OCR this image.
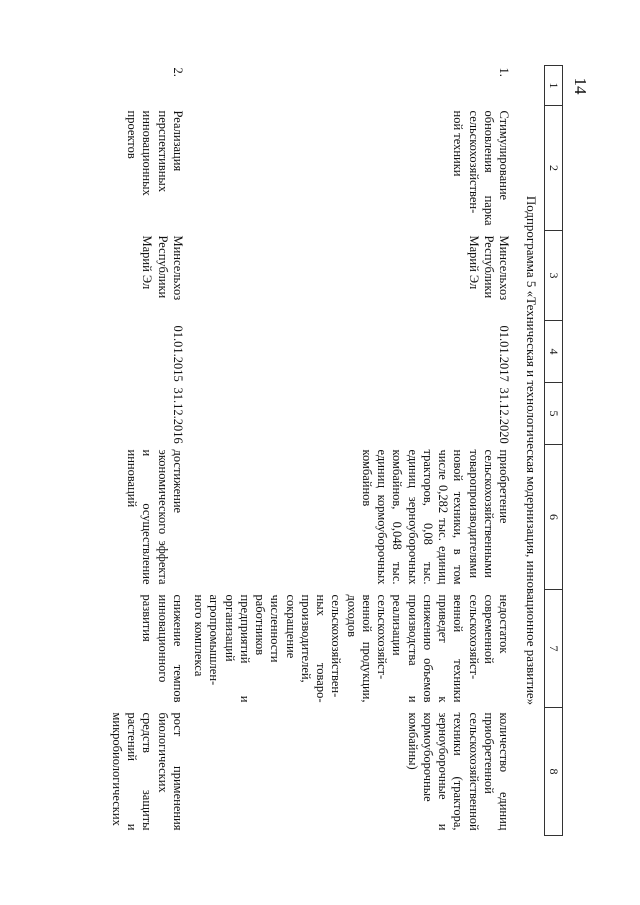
14
1	2	3	4	5	6	7	8
Подпрограмма 5 «Техническая и технологическая модернизация, инновационное развитие»							
1.	Стимулирование обновления парка сельскохозяйствен-ной техники	Минсельхоз Республики Марий Эл	01.01.2017	31.12.2020	приобретение сельскохозяйственными товаропроизводителями новой техники, в том числе 0,282 тыс. единиц тракторов, 0,08 тыс. единиц зерноуборочных комбайнов, 0,048 тыс. единиц кормоуборочных комбайнов	недостаток современной сельскохозяйст-венной техники приведет к снижению объемов производства и реализации сельскохозяйст-венной продукции, доходов сельскохозяйствен-ных товаро-производителей, сокращение численности работников предприятий и организаций агропромышлен-ного комплекса	количество единиц приобретенной сельскохозяйственной техники (трактора, зерноуборочные и кормоуборочные комбайны)
2.	Реализация перспективных инновационных проектов	Минсельхоз Республики Марий Эл	01.01.2015	31.12.2016	достижение экономического эффекта и осуществление инноваций	снижение темпов инновационного развития	рост применения биологических средств защиты растений и микробиологических
